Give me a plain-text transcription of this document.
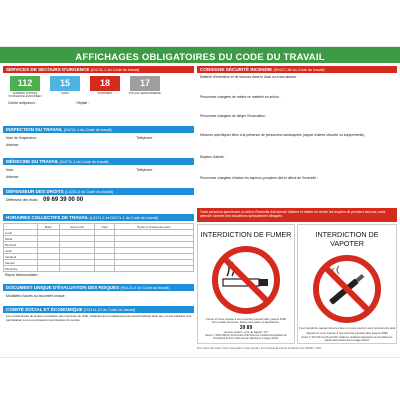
AFFICHAGES OBLIGATOIRES DU CODE DU TRAVAIL
SERVICES DE SECOURS D'URGENCE (D4711-1 du Code du travail)
112
NUMÉRO D'APPEL D'URGENCE EUROPÉEN
15
SAMU
18
POMPIERS
17
POLICE GENDARMERIE
Centre antipoison :	Hôpital :
INSPECTION DU TRAVAIL (D4711-1 du Code du travail)
Nom de l'inspecteur :	Téléphone :
Adresse :
MÉDECINE DU TRAVAIL (D4711-1 du Code du travail)
Nom :	Téléphone :
Adresse :
DÉFENSEUR DES DROITS (L1153-3 du Code du travail)
Défenseur des droits : 09 69 39 00 00
HORAIRES COLLECTIFS DE TRAVAIL (L3171-1 et D3171-1 du Code du travail)
	Matin	Après-midi	Total	Durée et horaires de repos
Lundi				
Mardi				
Mercredi				
Jeudi				
Vendredi				
Samedi				
Dimanche				
Repos hebdomadaire :
DOCUMENT UNIQUE D'ÉVALUATION DES RISQUES (R4121-4 du Code du travail)
Modalités d'accès au document unique :
COMITÉ SOCIAL ET ÉCONOMIQUE (R2314-22 du Code du travail)
Les coordonnées de la liste nominative des membres du CSE, indiquant leur emplacement de travail habituel ainsi que, le cas échéant, leur participation à une ou plusieurs commissions du comité.
CONSIGNE SÉCURITÉ INCENDIE (R4227-38 du Code du travail)
Matériel d'extinction et de secours dans le local ou à ses abords :
Personnes chargées de mettre ce matériel en action :
Personnes chargées de diriger l'évacuation :
Mesures spécifiques liées à la présence de personnes handicapées (rappel d'alerte sécurité ou équipements) :
Moyens d'alerte :
Personnes chargées d'aviser les sapeurs-pompiers dès le début de l'incendie :
Toute personne apercevant un début d'incendie doit donner l'alarme et mettre en œuvre les moyens de premiers secours, sans attendre l'arrivée des travailleurs spécialement désignés.
INTERDICTION DE FUMER
Fumer ici vous expose à une amende pouvant aller jusqu'à 450€
Pour arrêter de fumer, faites-vous aider en appelant le :
39 89
service gratuit + prix de l'appel, 7j/7
Décret n° 2006-1386 du 15 novembre 2006 fixant les conditions d'application de l'interdiction de fumer dans les lieux affectés à un usage collectif.
INTERDICTION DE VAPOTER
Il est interdit de vapoter dans les lieux où vous pourrez avoir pourrait être aidé
Vapoter ici vous expose à une amende pouvant aller jusqu'à 150€
Décret n° 2017-633 du 25 avril 2017 relatif aux conditions d'application de l'interdiction de vapoter dans certains lieux à usage collectif.
Zone photo libre avant. Code commentaire, même pendant, des Imprimés Économes du Marché, Ref. 906000 - 2020.
